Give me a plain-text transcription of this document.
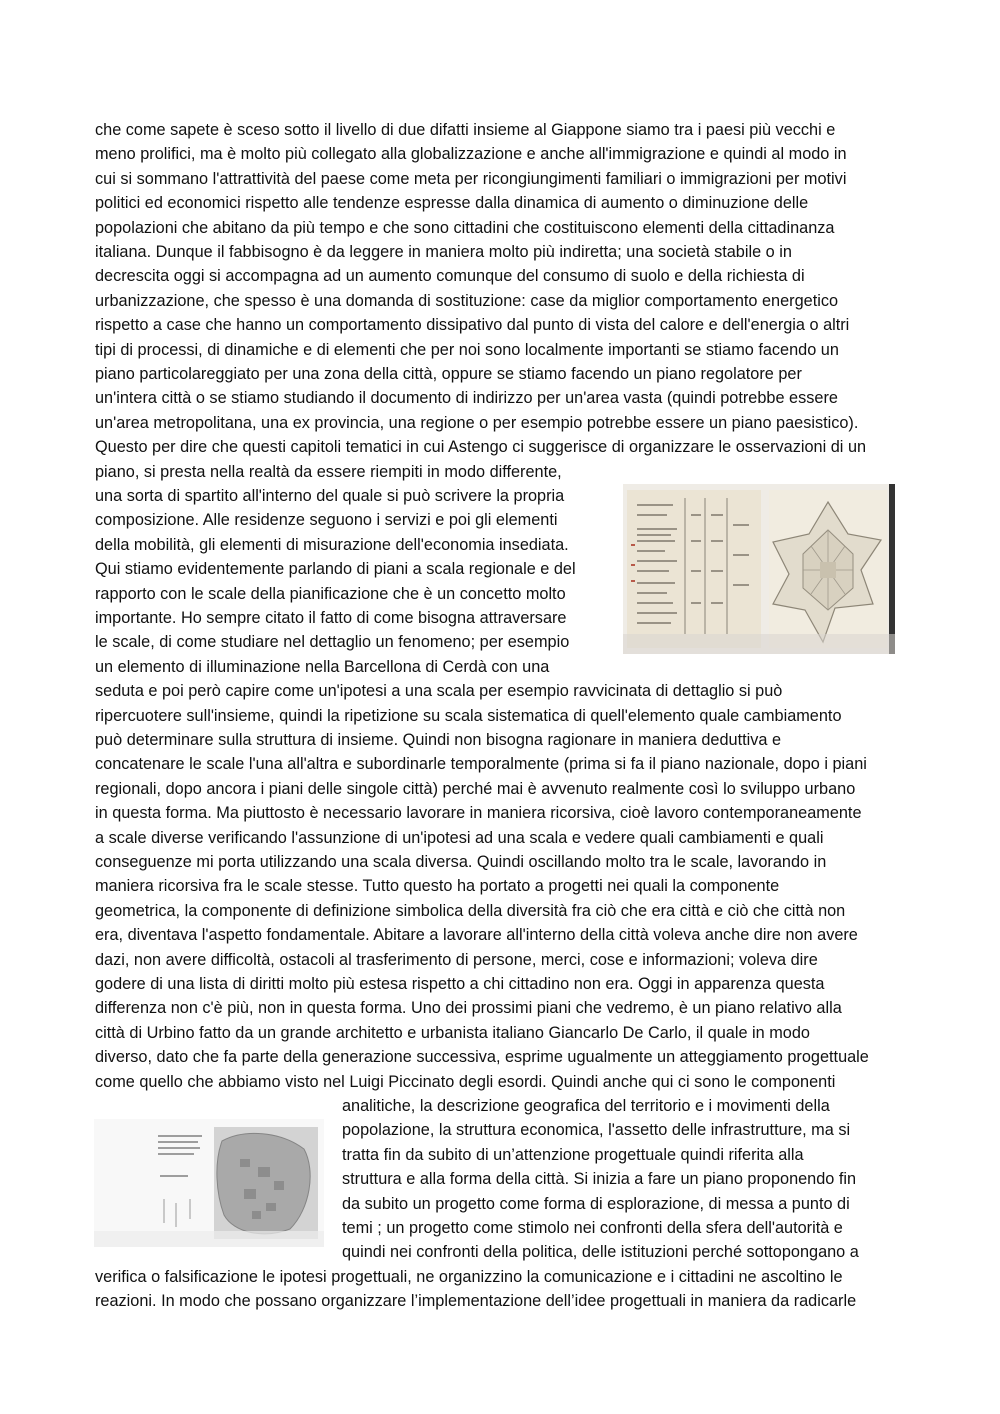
che come sapete è sceso sotto il livello di due difatti insieme al Giappone siamo tra i paesi più vecchi e
meno prolifici, ma è molto più collegato alla globalizzazione e anche all'immigrazione e quindi al modo in
cui si sommano l'attrattività del paese come meta per ricongiungimenti familiari o immigrazioni per motivi
politici ed economici rispetto alle tendenze espresse dalla dinamica di aumento o diminuzione delle
popolazioni che abitano da più tempo e che sono cittadini che costituiscono elementi della cittadinanza
italiana. Dunque il fabbisogno è da leggere in maniera molto più indiretta; una società stabile o in
decrescita oggi si accompagna ad un aumento comunque del consumo di suolo e della richiesta di
urbanizzazione, che spesso è una domanda di sostituzione: case da miglior comportamento energetico
rispetto a case che hanno un comportamento dissipativo dal punto di vista del calore e dell'energia o altri
tipi di processi, di dinamiche e di elementi che per noi sono localmente importanti se stiamo facendo un
piano particolareggiato per una zona della città, oppure se stiamo facendo un piano regolatore per
un'intera città o se stiamo studiando il documento di indirizzo per un'area vasta (quindi potrebbe essere
un'area metropolitana, una ex provincia, una regione o per esempio potrebbe essere un piano paesistico).
Questo per dire che questi capitoli tematici in cui Astengo ci suggerisce di organizzare le osservazioni di un
piano, si presta nella realtà da essere riempiti in modo differente,
una sorta di spartito all'interno del quale si può scrivere la propria
composizione. Alle residenze seguono i servizi e poi gli elementi
della mobilità, gli elementi di misurazione dell'economia insediata.
Qui stiamo evidentemente parlando di piani a scala regionale e del
rapporto con le scale della pianificazione che è un concetto molto
importante. Ho sempre citato il fatto di come bisogna attraversare
le scale, di come studiare nel dettaglio un fenomeno; per esempio
un elemento di illuminazione nella Barcellona di Cerdà con una
seduta e poi però capire come un'ipotesi a una scala per esempio ravvicinata di dettaglio si può
ripercuotere sull'insieme, quindi la ripetizione su scala sistematica di quell'elemento quale cambiamento
può determinare sulla struttura di insieme. Quindi non bisogna ragionare in maniera deduttiva e
concatenare le scale l'una all'altra e subordinarle temporalmente (prima si fa il piano nazionale, dopo i piani
regionali, dopo ancora i piani delle singole città) perché mai è avvenuto realmente così lo sviluppo urbano
in questa forma. Ma piuttosto è necessario lavorare in maniera ricorsiva, cioè lavoro contemporaneamente
a scale diverse verificando l'assunzione di un'ipotesi ad una scala e vedere quali cambiamenti e quali
conseguenze mi porta utilizzando una scala diversa. Quindi oscillando molto tra le scale, lavorando in
maniera ricorsiva fra le scale stesse. Tutto questo ha portato a progetti nei quali la componente
geometrica, la componente di definizione simbolica della diversità fra ciò che era città e ciò che città non
era, diventava l'aspetto fondamentale. Abitare a lavorare all'interno della città voleva anche dire non avere
dazi, non avere difficoltà, ostacoli al trasferimento di persone, merci, cose e informazioni; voleva dire
godere di una lista di diritti molto più estesa rispetto a chi cittadino non era. Oggi in apparenza questa
differenza non c'è più, non in questa forma. Uno dei prossimi piani che vedremo, è un piano relativo alla
città di Urbino fatto da un grande architetto e urbanista italiano Giancarlo De Carlo, il quale in modo
diverso, dato che fa parte della generazione successiva, esprime ugualmente un atteggiamento progettuale
come quello che abbiamo visto nel Luigi Piccinato degli esordi. Quindi anche qui ci sono le componenti
analitiche, la descrizione geografica del territorio e i movimenti della
popolazione, la struttura economica, l'assetto delle infrastrutture, ma si
tratta fin da subito di un’attenzione progettuale quindi riferita alla
struttura e alla forma della città. Si inizia a fare un piano proponendo fin
da subito un progetto come forma di esplorazione, di messa a punto di
temi ; un progetto come stimolo nei confronti della sfera dell'autorità e
quindi nei confronti della politica, delle istituzioni perché sottopongano a
verifica o falsificazione le ipotesi progettuali, ne organizzino la comunicazione e i cittadini ne ascoltino le
reazioni. In modo che possano organizzare l’implementazione dell’idee progettuali in maniera da radicarle
